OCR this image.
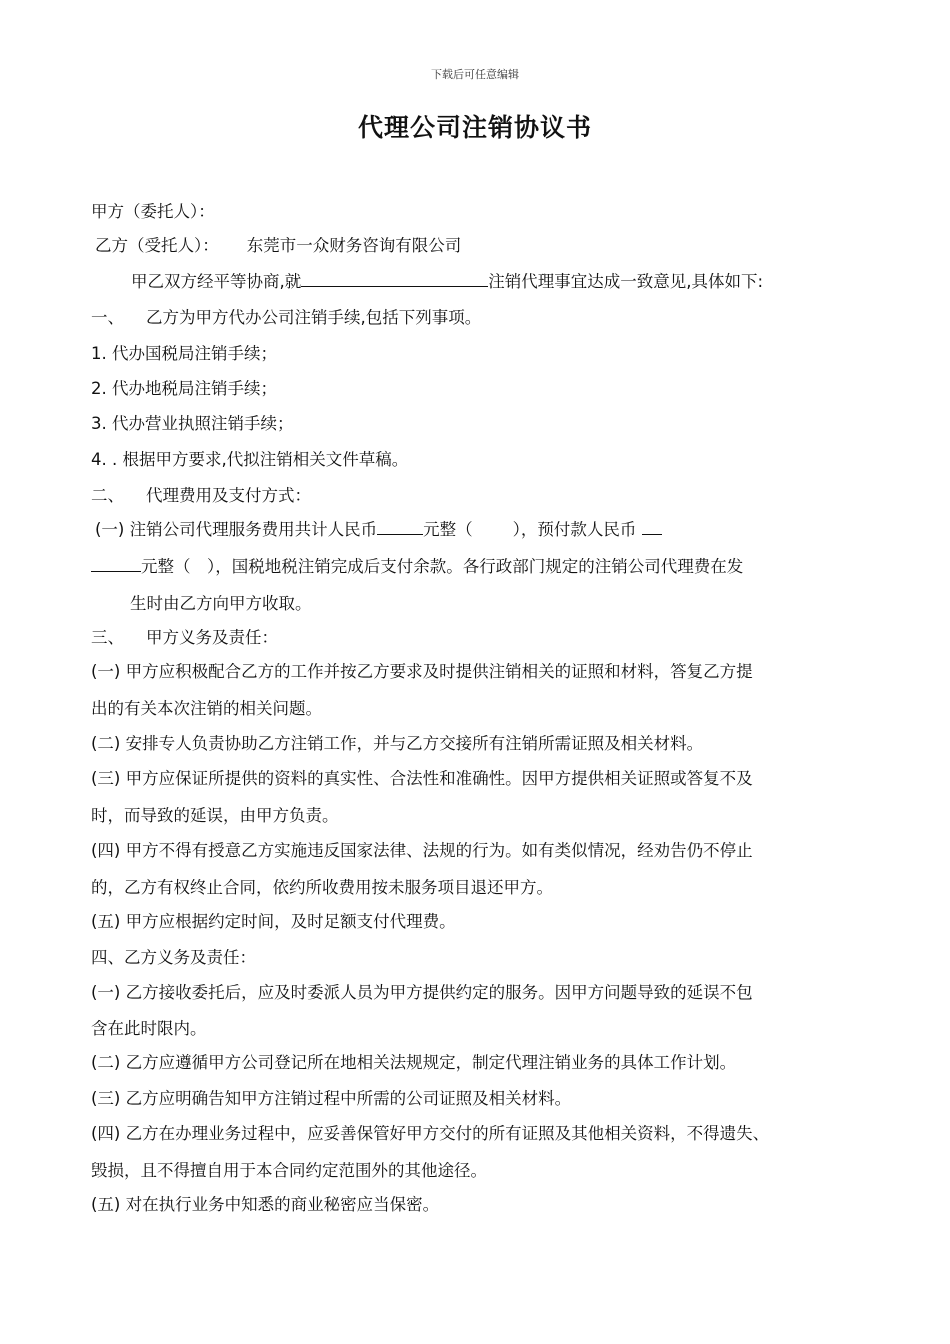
下载后可任意编辑
代理公司注销协议书
甲方（委托人）：
乙方（受托人）： 东莞市一众财务咨询有限公司
甲乙双方经平等协商,就	注销代理事宜达成一致意见,具体如下:
一、 乙方为甲方代办公司注销手续,包括下列事项。
1. 代办国税局注销手续；
2. 代办地税局注销手续；
3. 代办营业执照注销手续；
4. . 根据甲方要求,代拟注销相关文件草稿。
二、 代理费用及支付方式：
(一) 注销公司代理服务费用共计人民币	元整（ ），预付款人民币
元整（　），国税地税注销完成后支付余款。各行政部门规定的注销公司代理费在发
生时由乙方向甲方收取。
三、 甲方义务及责任：
(一) 甲方应积极配合乙方的工作并按乙方要求及时提供注销相关的证照和材料，答复乙方提
出的有关本次注销的相关问题。
(二) 安排专人负责协助乙方注销工作，并与乙方交接所有注销所需证照及相关材料。
(三) 甲方应保证所提供的资料的真实性、合法性和准确性。因甲方提供相关证照或答复不及
时，而导致的延误，由甲方负责。
(四) 甲方不得有授意乙方实施违反国家法律、法规的行为。如有类似情况，经劝告仍不停止
的，乙方有权终止合同，依约所收费用按未服务项目退还甲方。
(五) 甲方应根据约定时间，及时足额支付代理费。
四、乙方义务及责任：
(一) 乙方接收委托后，应及时委派人员为甲方提供约定的服务。因甲方问题导致的延误不包
含在此时限内。
(二) 乙方应遵循甲方公司登记所在地相关法规规定，制定代理注销业务的具体工作计划。
(三) 乙方应明确告知甲方注销过程中所需的公司证照及相关材料。
(四) 乙方在办理业务过程中，应妥善保管好甲方交付的所有证照及其他相关资料，不得遗失、
毁损，且不得擅自用于本合同约定范围外的其他途径。
(五) 对在执行业务中知悉的商业秘密应当保密。
